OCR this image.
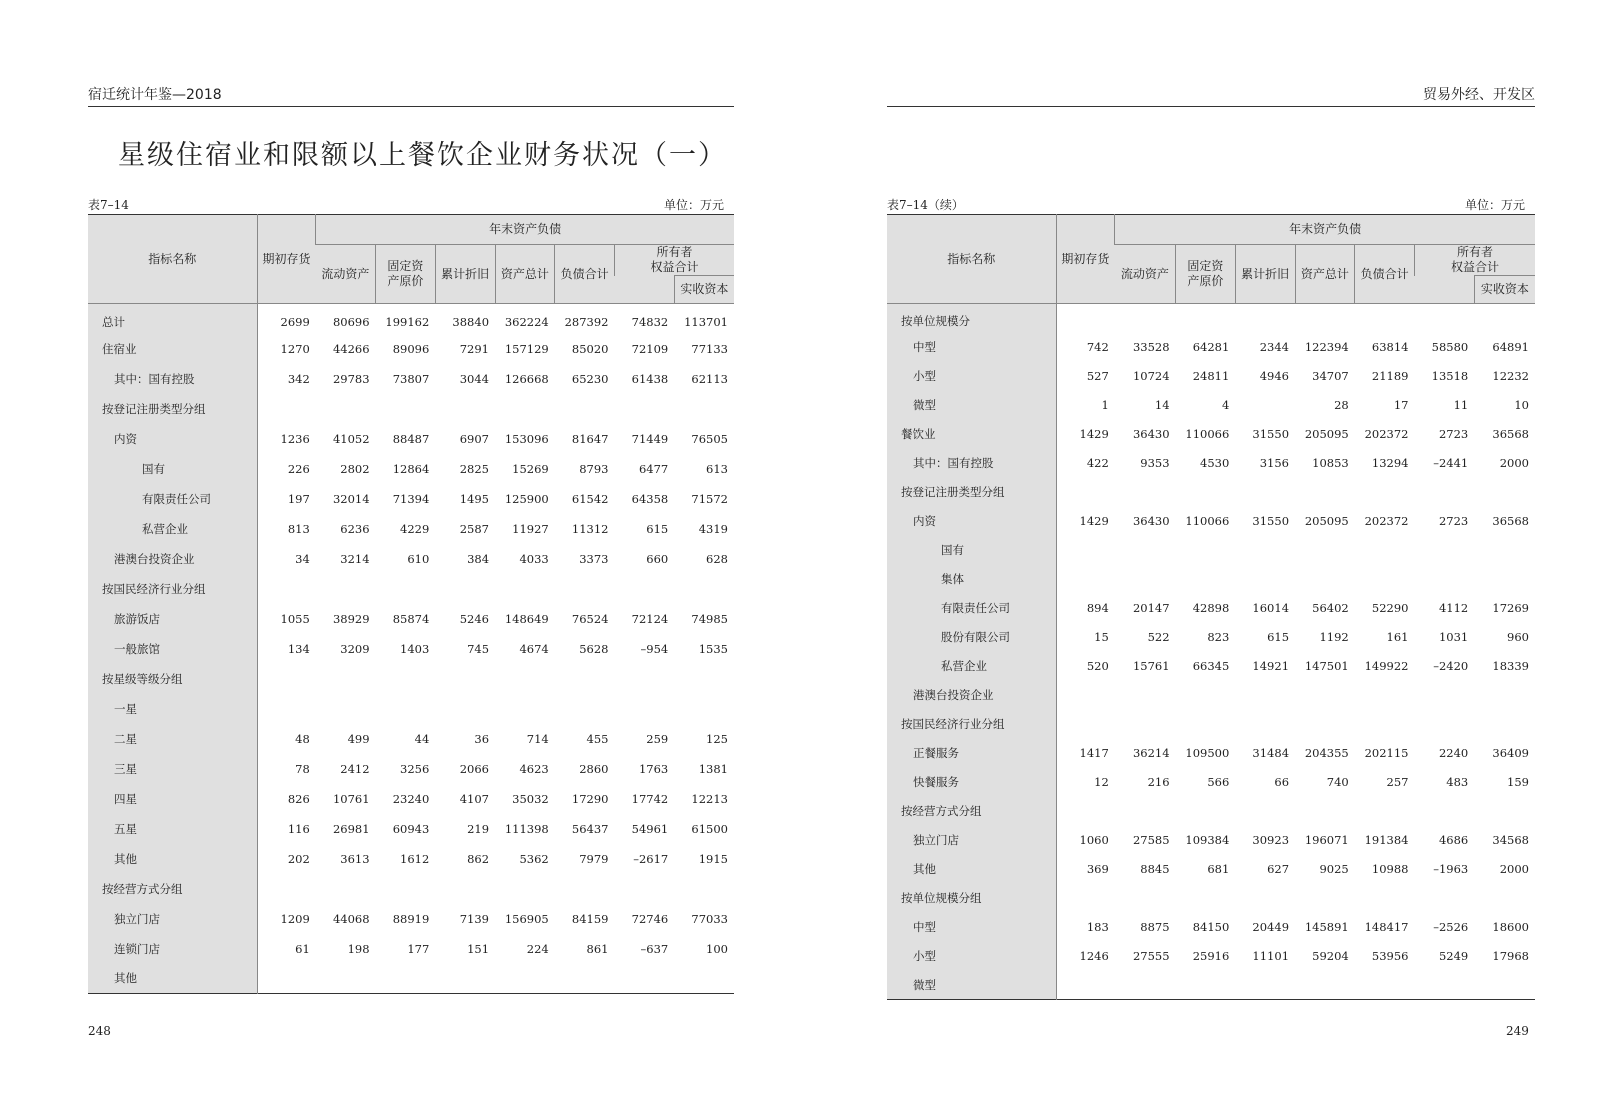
宿迁统计年鉴—2018
星级住宿业和限额以上餐饮企业财务状况（一）
表7–14	单位：万元
指标名称	期初存货	年末资产负债						
		流动资产	固定资
产原价	累计折旧	资产总计	负债合计	所有者
权益合计	
								实收资本
总计	2699	80696	199162	38840	362224	287392	74832	113701
住宿业	1270	44266	89096	7291	157129	85020	72109	77133
其中：国有控股	342	29783	73807	3044	126668	65230	61438	62113
按登记注册类型分组								
内资	1236	41052	88487	6907	153096	81647	71449	76505
国有	226	2802	12864	2825	15269	8793	6477	613
有限责任公司	197	32014	71394	1495	125900	61542	64358	71572
私营企业	813	6236	4229	2587	11927	11312	615	4319
港澳台投资企业	34	3214	610	384	4033	3373	660	628
按国民经济行业分组								
旅游饭店	1055	38929	85874	5246	148649	76524	72124	74985
一般旅馆	134	3209	1403	745	4674	5628	–954	1535
按星级等级分组								
一星								
二星	48	499	44	36	714	455	259	125
三星	78	2412	3256	2066	4623	2860	1763	1381
四星	826	10761	23240	4107	35032	17290	17742	12213
五星	116	26981	60943	219	111398	56437	54961	61500
其他	202	3613	1612	862	5362	7979	–2617	1915
按经营方式分组								
独立门店	1209	44068	88919	7139	156905	84159	72746	77033
连锁门店	61	198	177	151	224	861	–637	100
其他								
248
贸易外经、开发区
表7–14（续）	单位：万元
指标名称	期初存货	年末资产负债						
		流动资产	固定资
产原价	累计折旧	资产总计	负债合计	所有者
权益合计	
								实收资本
按单位规模分								
中型	742	33528	64281	2344	122394	63814	58580	64891
小型	527	10724	24811	4946	34707	21189	13518	12232
微型	1	14	4		28	17	11	10
餐饮业	1429	36430	110066	31550	205095	202372	2723	36568
其中：国有控股	422	9353	4530	3156	10853	13294	–2441	2000
按登记注册类型分组								
内资	1429	36430	110066	31550	205095	202372	2723	36568
国有								
集体								
有限责任公司	894	20147	42898	16014	56402	52290	4112	17269
股份有限公司	15	522	823	615	1192	161	1031	960
私营企业	520	15761	66345	14921	147501	149922	–2420	18339
港澳台投资企业								
按国民经济行业分组								
正餐服务	1417	36214	109500	31484	204355	202115	2240	36409
快餐服务	12	216	566	66	740	257	483	159
按经营方式分组								
独立门店	1060	27585	109384	30923	196071	191384	4686	34568
其他	369	8845	681	627	9025	10988	–1963	2000
按单位规模分组								
中型	183	8875	84150	20449	145891	148417	–2526	18600
小型	1246	27555	25916	11101	59204	53956	5249	17968
微型								
249
